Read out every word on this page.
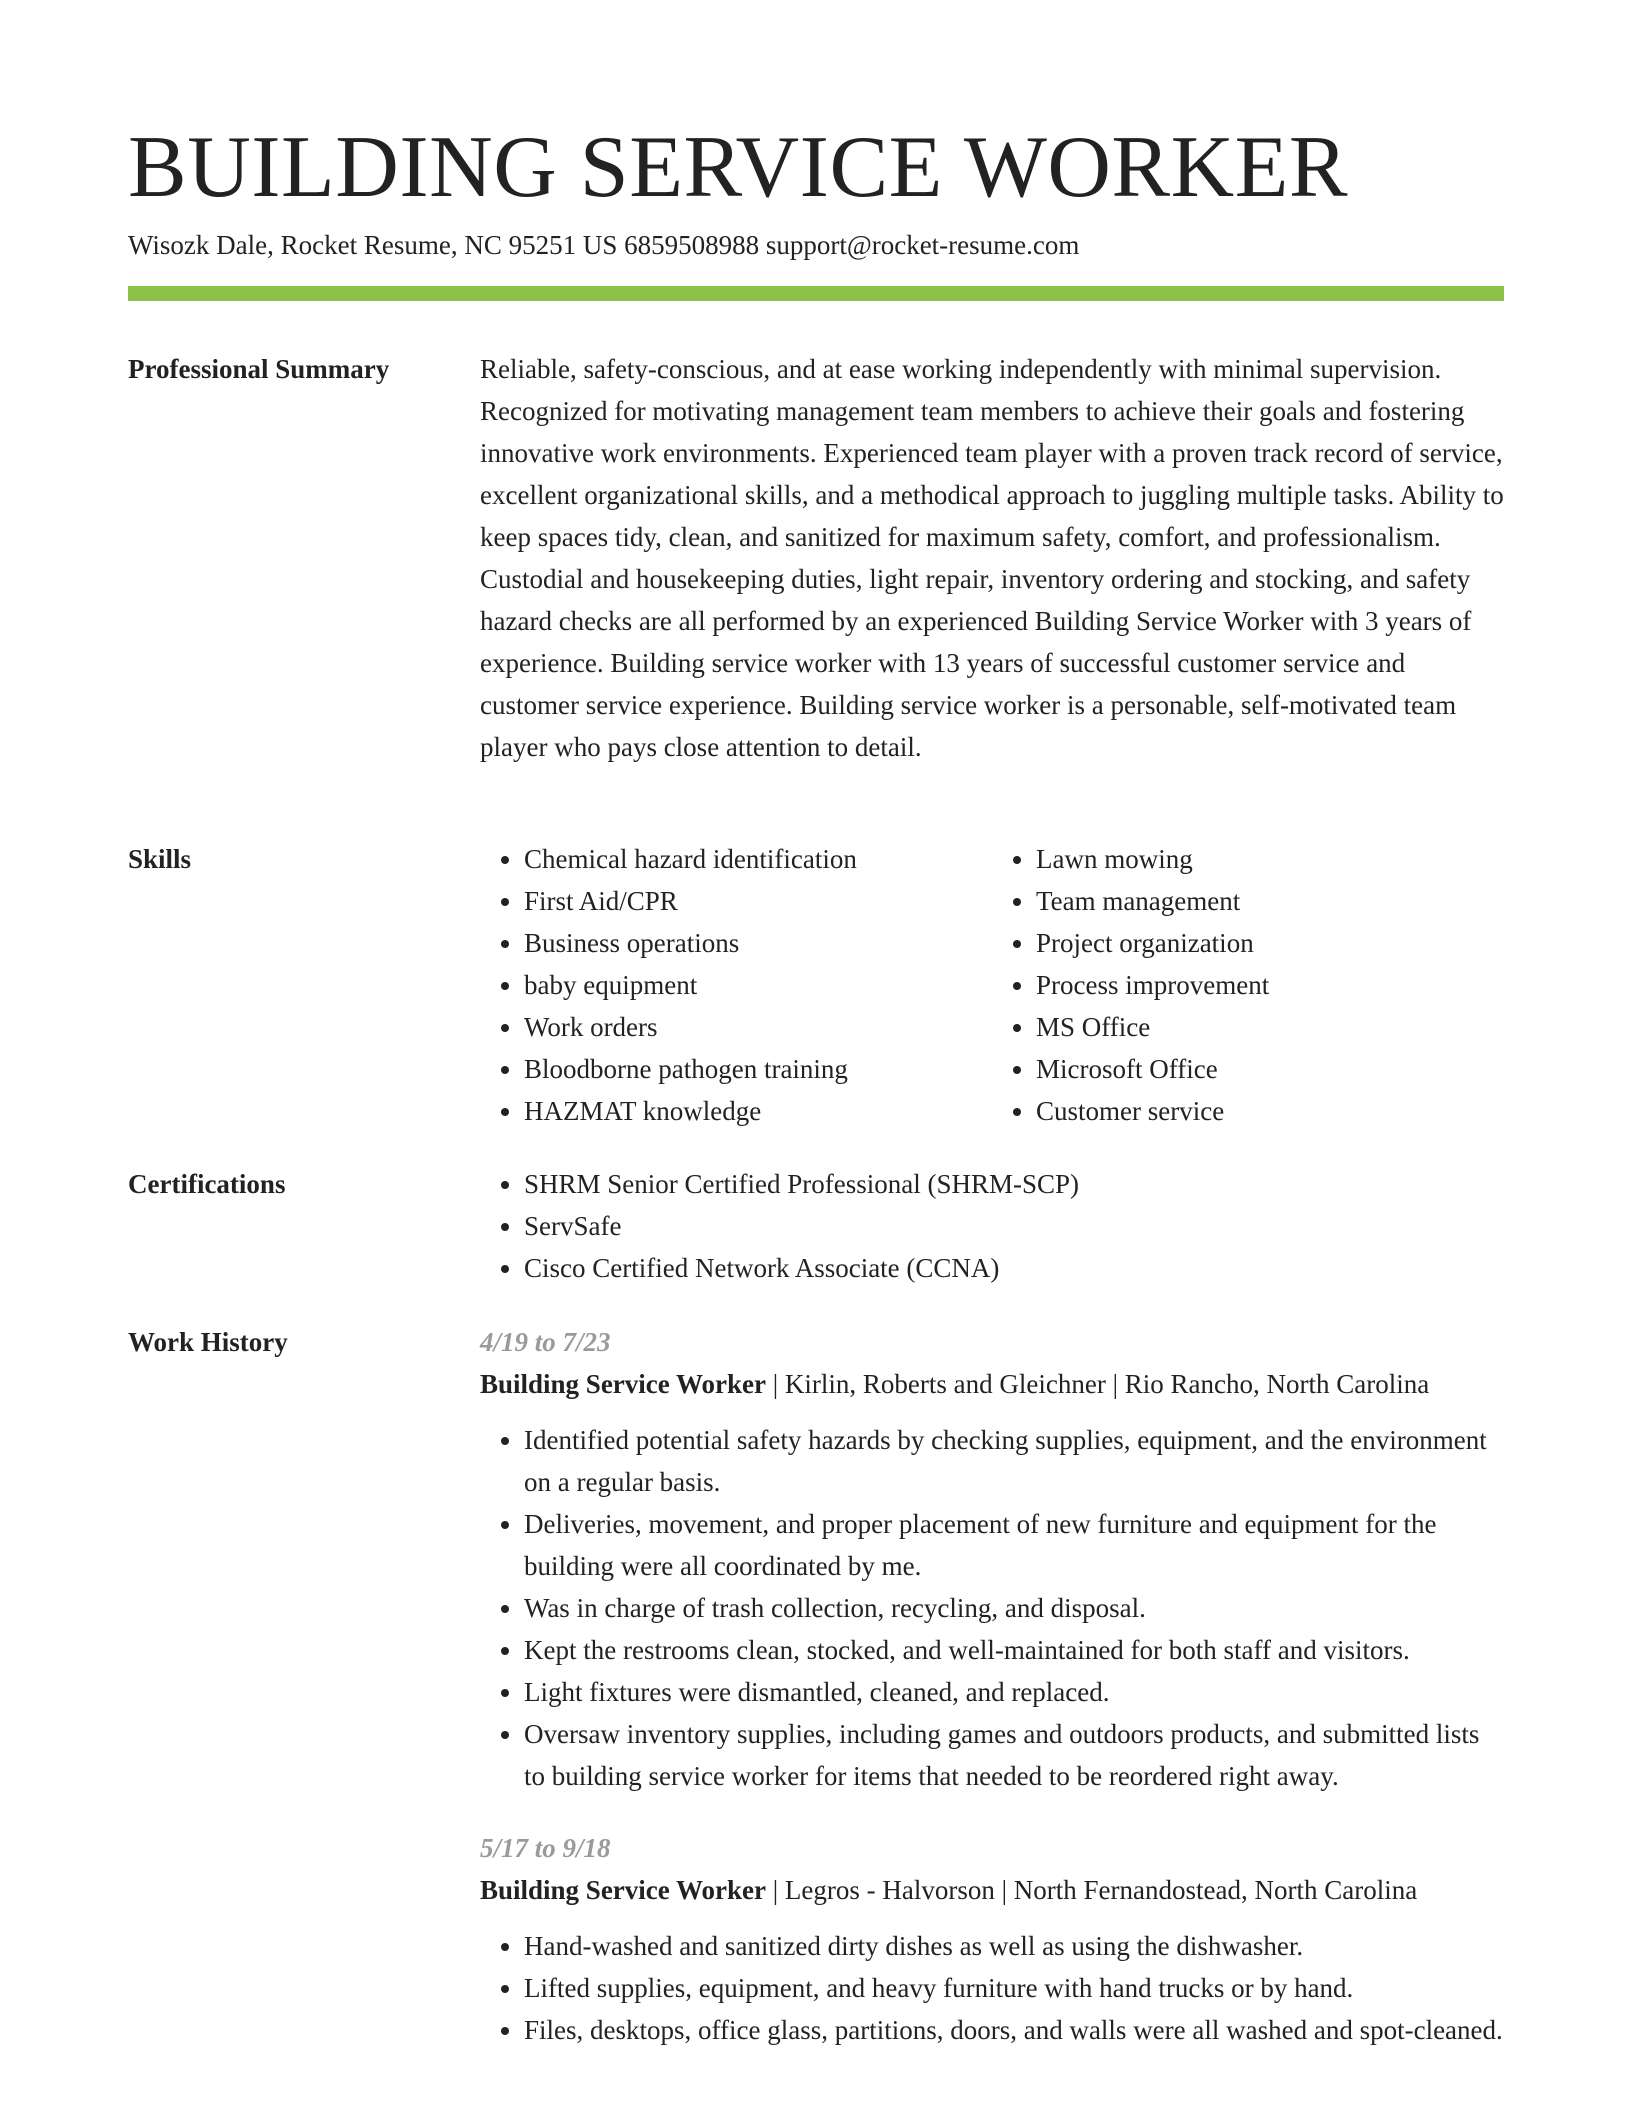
BUILDING SERVICE WORKER
Wisozk Dale, Rocket Resume, NC 95251 US 6859508988 support@rocket-resume.com
Professional Summary	Reliable, safety-conscious, and at ease working independently with minimal supervision. Recognized for motivating management team members to achieve their goals and fostering innovative work environments. Experienced team player with a proven track record of service, excellent organizational skills, and a methodical approach to juggling multiple tasks. Ability to keep spaces tidy, clean, and sanitized for maximum safety, comfort, and professionalism. Custodial and housekeeping duties, light repair, inventory ordering and stocking, and safety hazard checks are all performed by an experienced Building Service Worker with 3 years of experience. Building service worker with 13 years of successful customer service and customer service experience. Building service worker is a personable, self-motivated team player who pays close attention to detail.

Skills	• Chemical hazard identification
• First Aid/CPR
• Business operations
• baby equipment
• Work orders
• Bloodborne pathogen training
• HAZMAT knowledge
• Lawn mowing
• Team management
• Project organization
• Process improvement
• MS Office
• Microsoft Office
• Customer service
Certifications	• SHRM Senior Certified Professional (SHRM-SCP)
• ServSafe
• Cisco Certified Network Associate (CCNA)
Work History	4/19 to 7/23
Building Service Worker | Kirlin, Roberts and Gleichner | Rio Rancho, North Carolina
• Identified potential safety hazards by checking supplies, equipment, and the environment on a regular basis.
• Deliveries, movement, and proper placement of new furniture and equipment for the building were all coordinated by me.
• Was in charge of trash collection, recycling, and disposal.
• Kept the restrooms clean, stocked, and well-maintained for both staff and visitors.
• Light fixtures were dismantled, cleaned, and replaced.
• Oversaw inventory supplies, including games and outdoors products, and submitted lists to building service worker for items that needed to be reordered right away.
5/17 to 9/18
Building Service Worker | Legros - Halvorson | North Fernandostead, North Carolina
• Hand-washed and sanitized dirty dishes as well as using the dishwasher.
• Lifted supplies, equipment, and heavy furniture with hand trucks or by hand.
• Files, desktops, office glass, partitions, doors, and walls were all washed and spot-cleaned.
